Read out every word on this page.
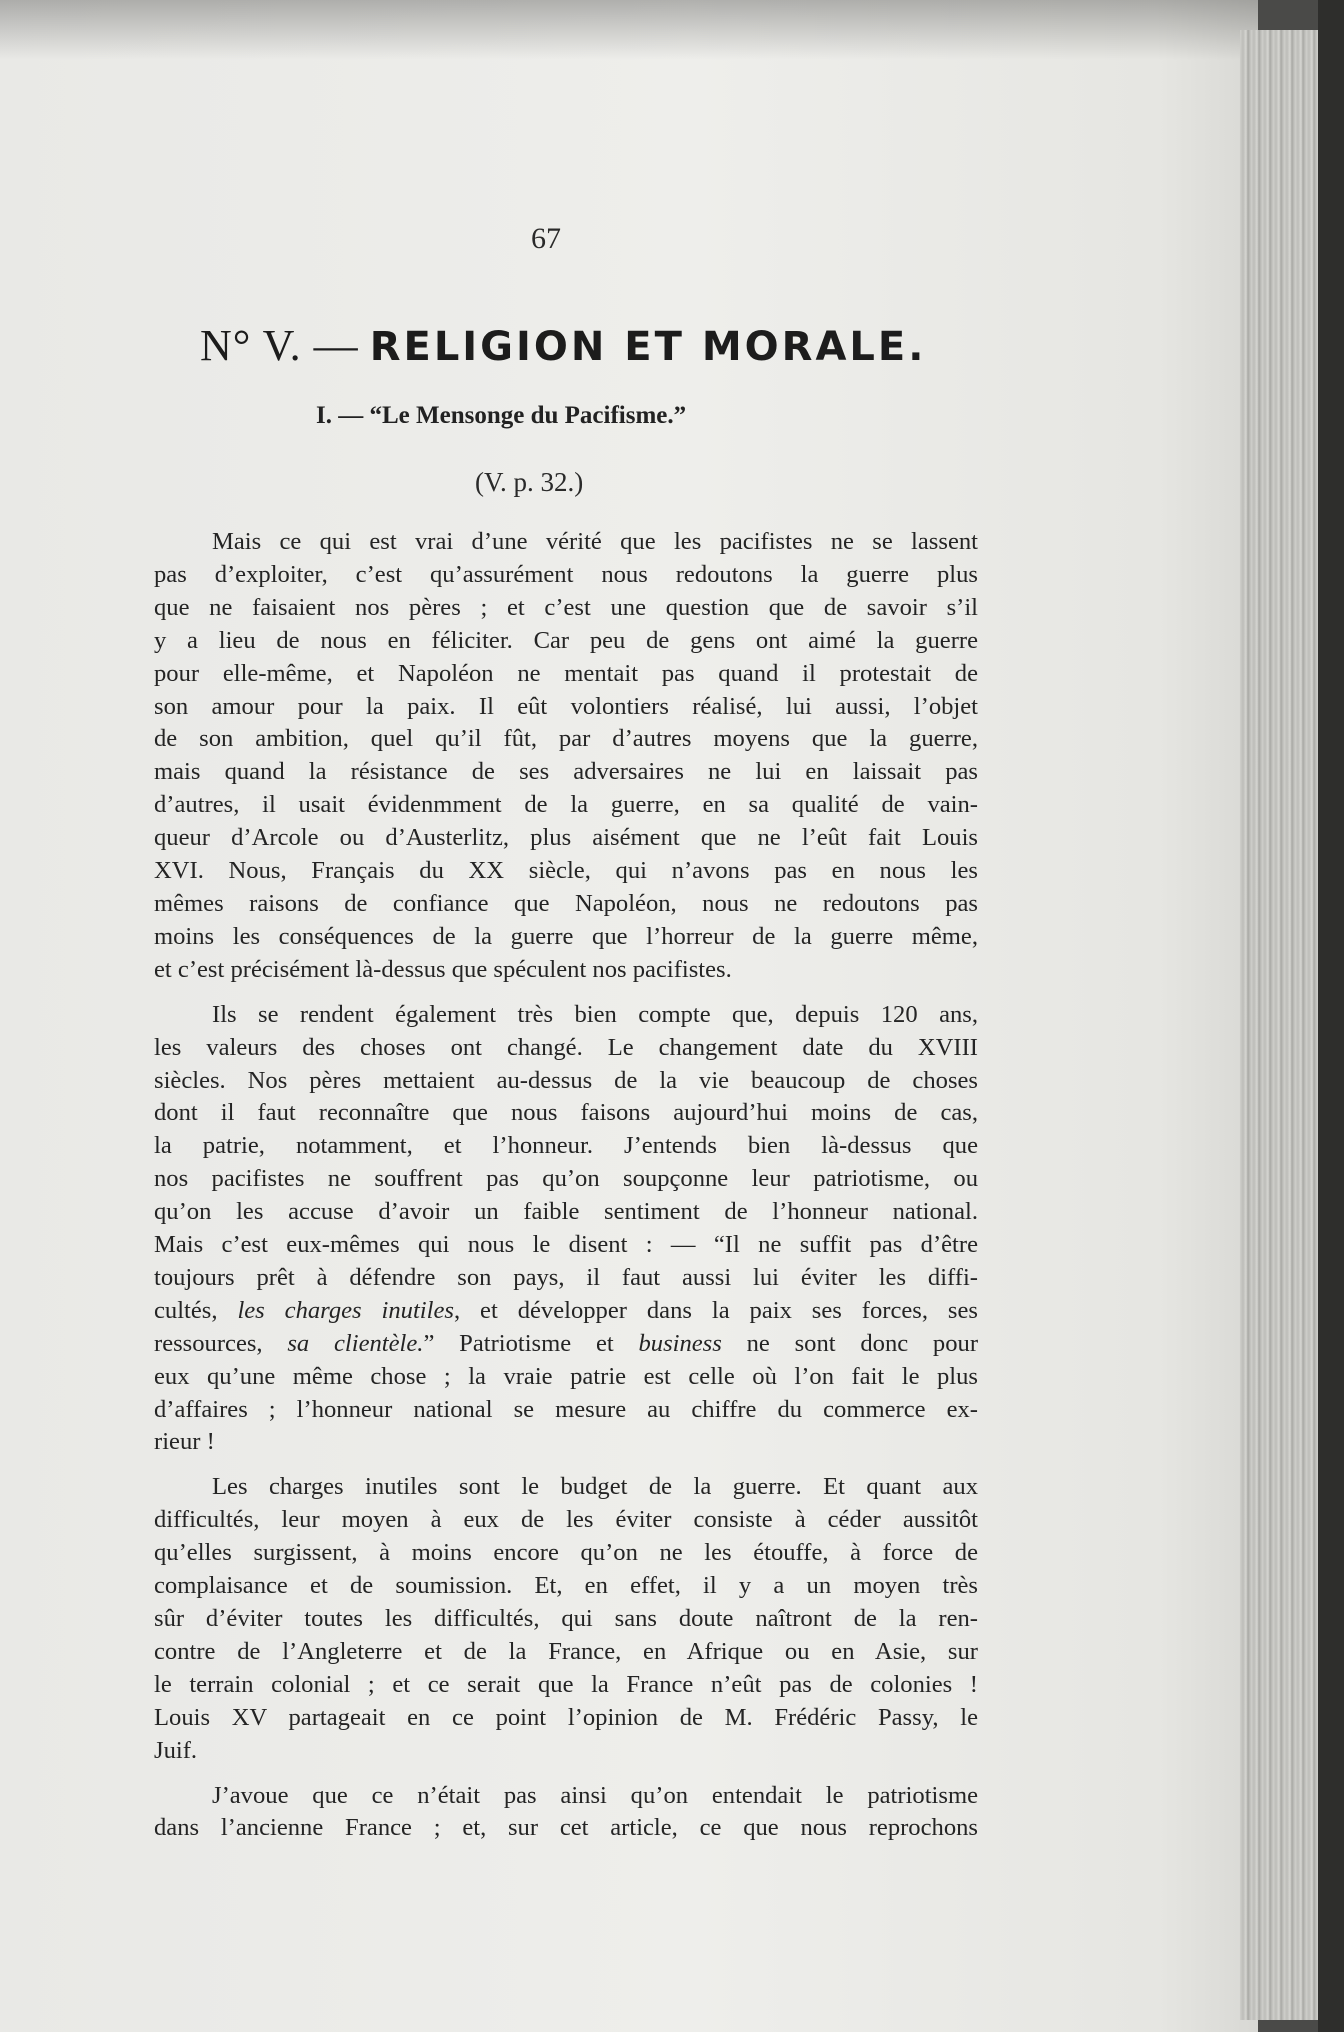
67
N° V. — RELIGION ET MORALE.
I. — “Le Mensonge du Pacifisme.”
(V. p. 32.)
Mais ce qui est vrai d’une vérité que les pacifistes ne se lassent
pas d’exploiter, c’est qu’assurément nous redoutons la guerre plus
que ne faisaient nos pères ; et c’est une question que de savoir s’il
y a lieu de nous en féliciter. Car peu de gens ont aimé la guerre
pour elle-même, et Napoléon ne mentait pas quand il protestait de
son amour pour la paix. Il eût volontiers réalisé, lui aussi, l’objet
de son ambition, quel qu’il fût, par d’autres moyens que la guerre,
mais quand la résistance de ses adversaires ne lui en laissait pas
d’autres, il usait évidenmment de la guerre, en sa qualité de vain-
queur d’Arcole ou d’Austerlitz, plus aisément que ne l’eût fait Louis
XVI. Nous, Français du XX siècle, qui n’avons pas en nous les
mêmes raisons de confiance que Napoléon, nous ne redoutons pas
moins les conséquences de la guerre que l’horreur de la guerre même,
et c’est précisément là-dessus que spéculent nos pacifistes.
Ils se rendent également très bien compte que, depuis 120 ans,
les valeurs des choses ont changé. Le changement date du XVIII
siècles. Nos pères mettaient au-dessus de la vie beaucoup de choses
dont il faut reconnaître que nous faisons aujourd’hui moins de cas,
la patrie, notamment, et l’honneur. J’entends bien là-dessus que
nos pacifistes ne souffrent pas qu’on soupçonne leur patriotisme, ou
qu’on les accuse d’avoir un faible sentiment de l’honneur national.
Mais c’est eux-mêmes qui nous le disent : — “Il ne suffit pas d’être
toujours prêt à défendre son pays, il faut aussi lui éviter les diffi-
cultés, les charges inutiles, et développer dans la paix ses forces, ses
ressources, sa clientèle.” Patriotisme et business ne sont donc pour
eux qu’une même chose ; la vraie patrie est celle où l’on fait le plus
d’affaires ; l’honneur national se mesure au chiffre du commerce ex-
rieur !
Les charges inutiles sont le budget de la guerre. Et quant aux
difficultés, leur moyen à eux de les éviter consiste à céder aussitôt
qu’elles surgissent, à moins encore qu’on ne les étouffe, à force de
complaisance et de soumission. Et, en effet, il y a un moyen très
sûr d’éviter toutes les difficultés, qui sans doute naîtront de la ren-
contre de l’Angleterre et de la France, en Afrique ou en Asie, sur
le terrain colonial ; et ce serait que la France n’eût pas de colonies !
Louis XV partageait en ce point l’opinion de M. Frédéric Passy, le
Juif.
J’avoue que ce n’était pas ainsi qu’on entendait le patriotisme
dans l’ancienne France ; et, sur cet article, ce que nous reprochons
